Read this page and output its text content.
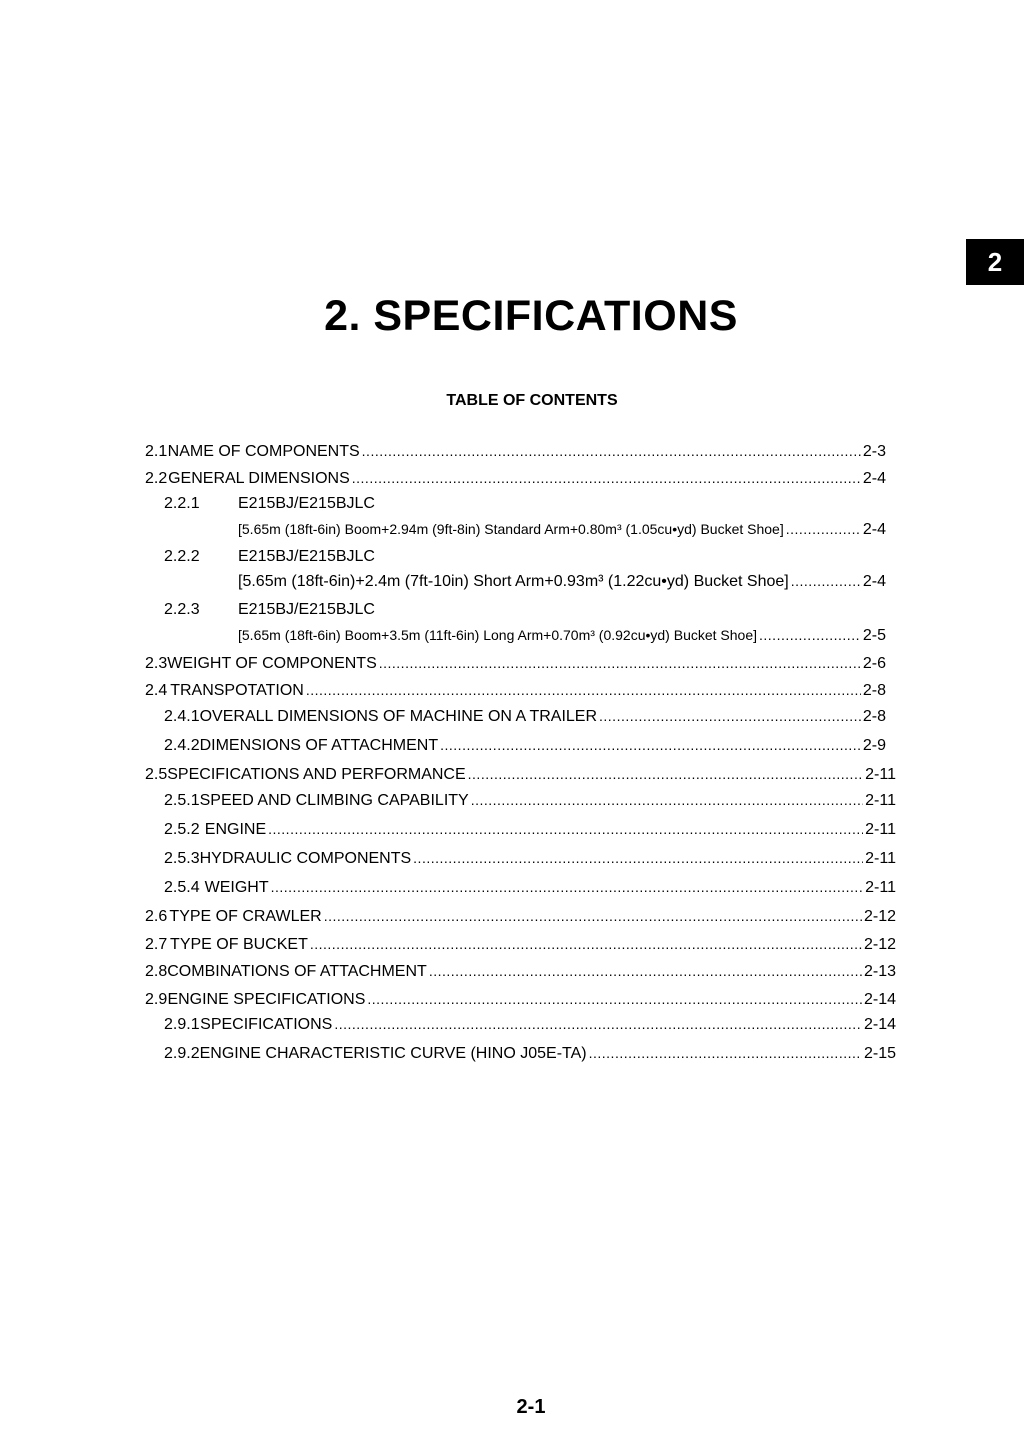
2
2. SPECIFICATIONS
TABLE OF CONTENTS
2.1 NAME OF COMPONENTS .....	2-3
2.2 GENERAL DIMENSIONS .....	2-4
2.2.1	E215BJ/E215BJLC
[5.65m (18ft-6in) Boom+2.94m (9ft-8in) Standard Arm+0.80m³ (1.05cu•yd) Bucket Shoe] .....	2-4
2.2.2	E215BJ/E215BJLC
[5.65m (18ft-6in)+2.4m (7ft-10in) Short Arm+0.93m³ (1.22cu•yd) Bucket Shoe] .....	2-4
2.2.3	E215BJ/E215BJLC
[5.65m (18ft-6in) Boom+3.5m (11ft-6in) Long Arm+0.70m³ (0.92cu•yd) Bucket Shoe] .....	2-5
2.3 WEIGHT OF COMPONENTS .....	2-6
2.4 TRANSPOTATION .....	2-8
2.4.1 OVERALL DIMENSIONS OF MACHINE ON A TRAILER .....	2-8
2.4.2 DIMENSIONS OF ATTACHMENT .....	2-9
2.5 SPECIFICATIONS AND PERFORMANCE .....	2-11
2.5.1 SPEED AND CLIMBING CAPABILITY .....	2-11
2.5.2 ENGINE .....	2-11
2.5.3 HYDRAULIC COMPONENTS .....	2-11
2.5.4 WEIGHT .....	2-11
2.6 TYPE OF CRAWLER .....	2-12
2.7 TYPE OF BUCKET .....	2-12
2.8 COMBINATIONS OF ATTACHMENT .....	2-13
2.9 ENGINE SPECIFICATIONS .....	2-14
2.9.1 SPECIFICATIONS .....	2-14
2.9.2 ENGINE CHARACTERISTIC CURVE (HINO J05E-TA) .....	2-15
2-1
